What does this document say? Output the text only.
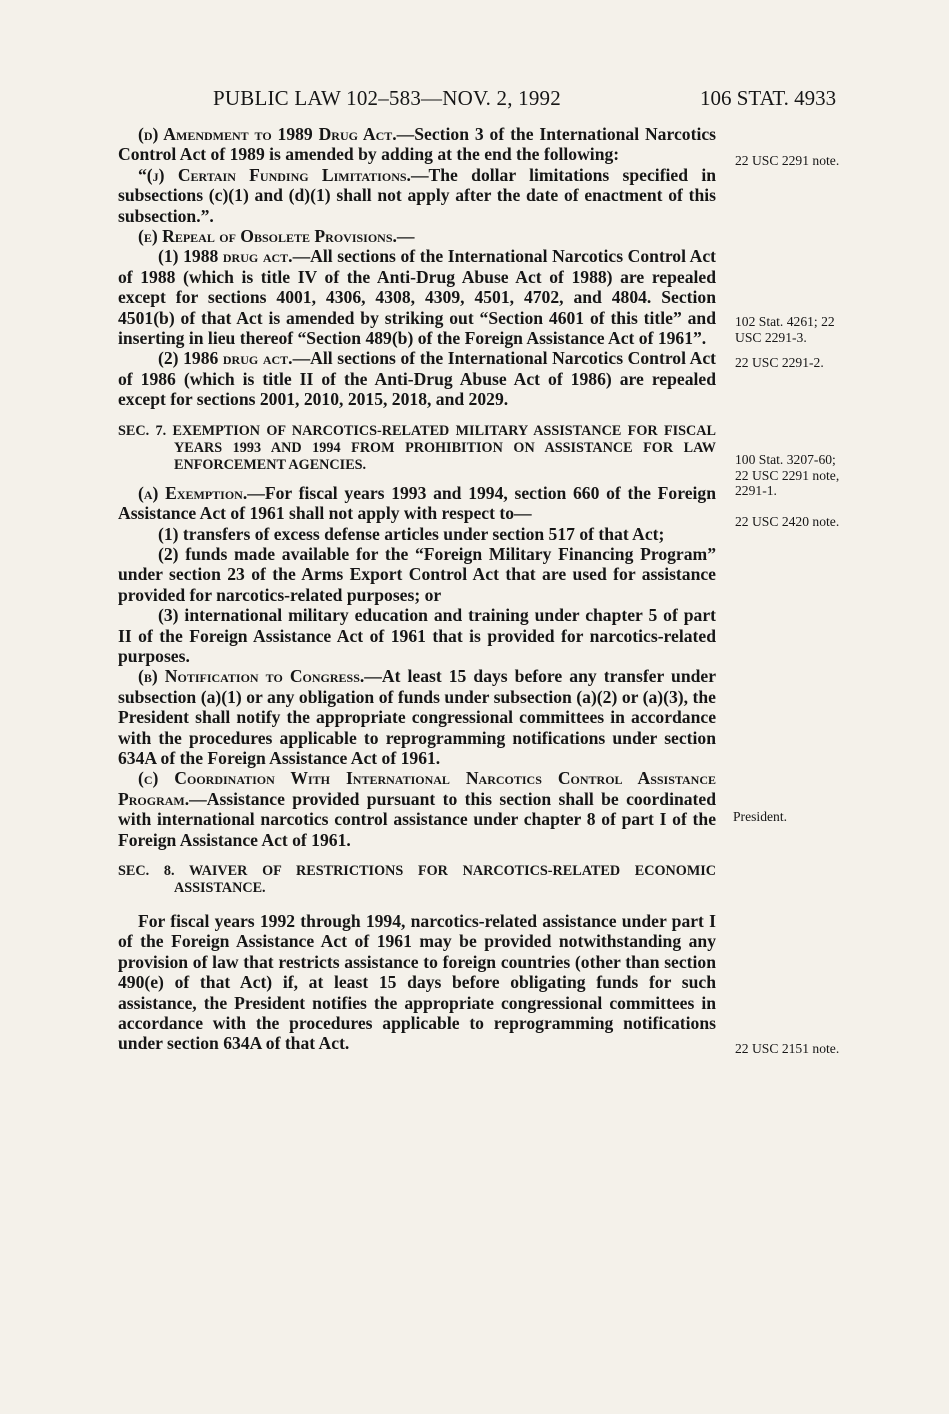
PUBLIC LAW 102–583—NOV. 2, 1992	106 STAT. 4933

(d) Amendment to 1989 Drug Act.—Section 3 of the International Narcotics Control Act of 1989 is amended by adding at the end the following:

“(j) Certain Funding Limitations.—The dollar limitations specified in subsections (c)(1) and (d)(1) shall not apply after the date of enactment of this subsection.”.

(e) Repeal of Obsolete Provisions.—

(1) 1988 drug act.—All sections of the International Narcotics Control Act of 1988 (which is title IV of the Anti-Drug Abuse Act of 1988) are repealed except for sections 4001, 4306, 4308, 4309, 4501, 4702, and 4804. Section 4501(b) of that Act is amended by striking out “Section 4601 of this title” and inserting in lieu thereof “Section 489(b) of the Foreign Assistance Act of 1961”.

(2) 1986 drug act.—All sections of the International Narcotics Control Act of 1986 (which is title II of the Anti-Drug Abuse Act of 1986) are repealed except for sections 2001, 2010, 2015, 2018, and 2029.

SEC. 7. EXEMPTION OF NARCOTICS-RELATED MILITARY ASSISTANCE FOR FISCAL YEARS 1993 AND 1994 FROM PROHIBITION ON ASSISTANCE FOR LAW ENFORCEMENT AGENCIES.

(a) Exemption.—For fiscal years 1993 and 1994, section 660 of the Foreign Assistance Act of 1961 shall not apply with respect to—

(1) transfers of excess defense articles under section 517 of that Act;

(2) funds made available for the “Foreign Military Financing Program” under section 23 of the Arms Export Control Act that are used for assistance provided for narcotics-related purposes; or

(3) international military education and training under chapter 5 of part II of the Foreign Assistance Act of 1961 that is provided for narcotics-related purposes.

(b) Notification to Congress.—At least 15 days before any transfer under subsection (a)(1) or any obligation of funds under subsection (a)(2) or (a)(3), the President shall notify the appropriate congressional committees in accordance with the procedures applicable to reprogramming notifications under section 634A of the Foreign Assistance Act of 1961.

(c) Coordination With International Narcotics Control Assistance Program.—Assistance provided pursuant to this section shall be coordinated with international narcotics control assistance under chapter 8 of part I of the Foreign Assistance Act of 1961.

SEC. 8. WAIVER OF RESTRICTIONS FOR NARCOTICS-RELATED ECONOMIC ASSISTANCE.

For fiscal years 1992 through 1994, narcotics-related assistance under part I of the Foreign Assistance Act of 1961 may be provided notwithstanding any provision of law that restricts assistance to foreign countries (other than section 490(e) of that Act) if, at least 15 days before obligating funds for such assistance, the President notifies the appropriate congressional committees in accordance with the procedures applicable to reprogramming notifications under section 634A of that Act.

22 USC 2291 note.
102 Stat. 4261; 22 USC 2291-3.
22 USC 2291-2.
100 Stat. 3207-60; 22 USC 2291 note, 2291-1.
22 USC 2420 note.
President.
22 USC 2151 note.
